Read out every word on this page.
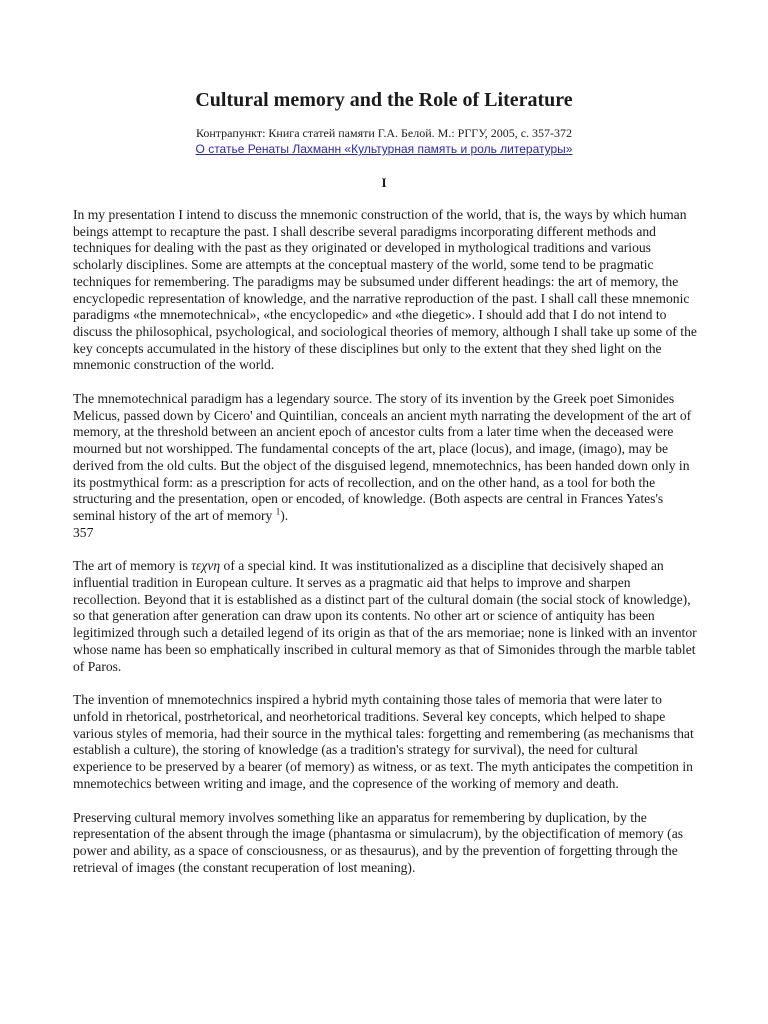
Cultural memory and the Role of Literature
Контрапункт: Книга статей памяти Г.А. Белой. М.: РГГУ, 2005, с. 357-372
О статье Ренаты Лахманн «Культурная память и роль литературы»
I

In my presentation I intend to discuss the mnemonic construction of the world, that is, the ways by which human beings attempt to recapture the past. I shall describe several paradigms incorporating different methods and techniques for dealing with the past as they originated or developed in mythological traditions and various scholarly disciplines. Some are attempts at the conceptual mastery of the world, some tend to be pragmatic techniques for remembering. The paradigms may be subsumed under different headings: the art of memory, the encyclopedic representation of knowledge, and the narrative reproduction of the past. I shall call these mnemonic paradigms «the mnemotechnical», «the encyclopedic» and «the diegetic». I should add that I do not intend to discuss the philosophical, psychological, and sociological theories of memory, although I shall take up some of the key concepts accumulated in the history of these disciplines but only to the extent that they shed light on the mnemonic construction of the world.

The mnemotechnical paradigm has a legendary source. The story of its invention by the Greek poet Simonides Melicus, passed down by Cicero' and Quintilian, conceals an ancient myth narrating the development of the art of memory, at the threshold between an ancient epoch of ancestor cults from a later time when the deceased were mourned but not worshipped. The fundamental concepts of the art, place (locus), and image, (imago), may be derived from the old cults. But the object of the disguised legend, mnemotechnics, has been handed down only in its postmythical form: as a prescription for acts of recollection, and on the other hand, as a tool for both the structuring and the presentation, open or encoded, of knowledge. (Both aspects are central in Frances Yates's seminal history of the art of memory $^1$).

357

The art of memory is τεχνη of a special kind. It was institutionalized as a discipline that decisively shaped an influential tradition in European culture. It serves as a pragmatic aid that helps to improve and sharpen recollection. Beyond that it is established as a distinct part of the cultural domain (the social stock of knowledge), so that generation after generation can draw upon its contents. No other art or science of antiquity has been legitimized through such a detailed legend of its origin as that of the ars memoriae; none is linked with an inventor whose name has been so emphatically inscribed in cultural memory as that of Simonides through the marble tablet of Paros.

The invention of mnemotechnics inspired a hybrid myth containing those tales of memoria that were later to unfold in rhetorical, postrhetorical, and neorhetorical traditions. Several key concepts, which helped to shape various styles of memoria, had their source in the mythical tales: forgetting and remembering (as mechanisms that establish a culture), the storing of knowledge (as a tradition's strategy for survival), the need for cultural experience to be preserved by a bearer (of memory) as witness, or as text. The myth anticipates the competition in mnemotechics between writing and image, and the copresence of the working of memory and death.

Preserving cultural memory involves something like an apparatus for remembering by duplication, by the representation of the absent through the image (phantasma or simulacrum), by the objectification of memory (as power and ability, as a space of consciousness, or as thesaurus), and by the prevention of forgetting through the retrieval of images (the constant recuperation of lost meaning).
